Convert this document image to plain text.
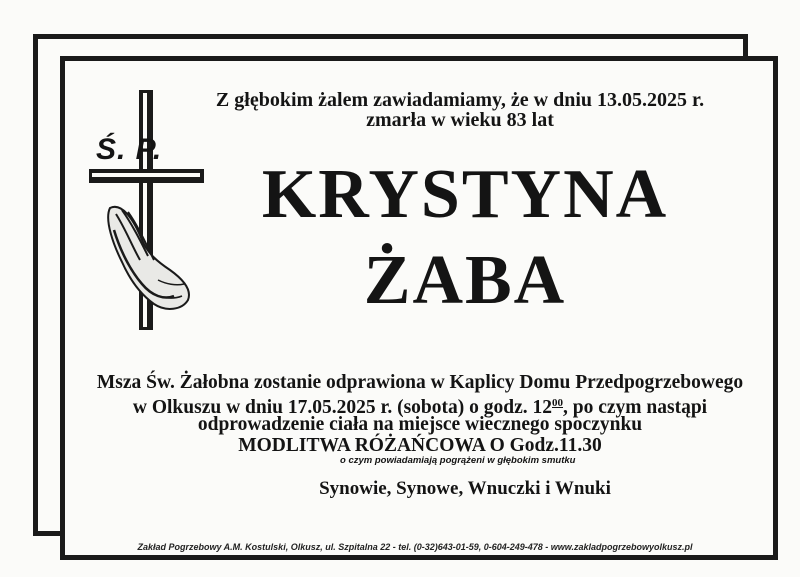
Z głębokim żalem zawiadamiamy, że w dniu 13.05.2025 r.
zmarła w wieku 83 lat
Ś. P.
KRYSTYNA
ŻABA
Msza Św. Żałobna zostanie odprawiona w Kaplicy Domu Przedpogrzebowego
w Olkuszu w dniu 17.05.2025 r. (sobota) o godz. $12^{00}$, po czym nastąpi
odprowadzenie ciała na miejsce wiecznego spoczynku
MODLITWA RÓŻAŃCOWA O Godz.11.30
o czym powiadamiają pogrążeni w głębokim smutku
Synowie, Synowe, Wnuczki i Wnuki
Zakład Pogrzebowy A.M. Kostulski, Olkusz, ul. Szpitalna 22 - tel. (0-32)643-01-59, 0-604-249-478 - www.zakladpogrzebowyolkusz.pl
